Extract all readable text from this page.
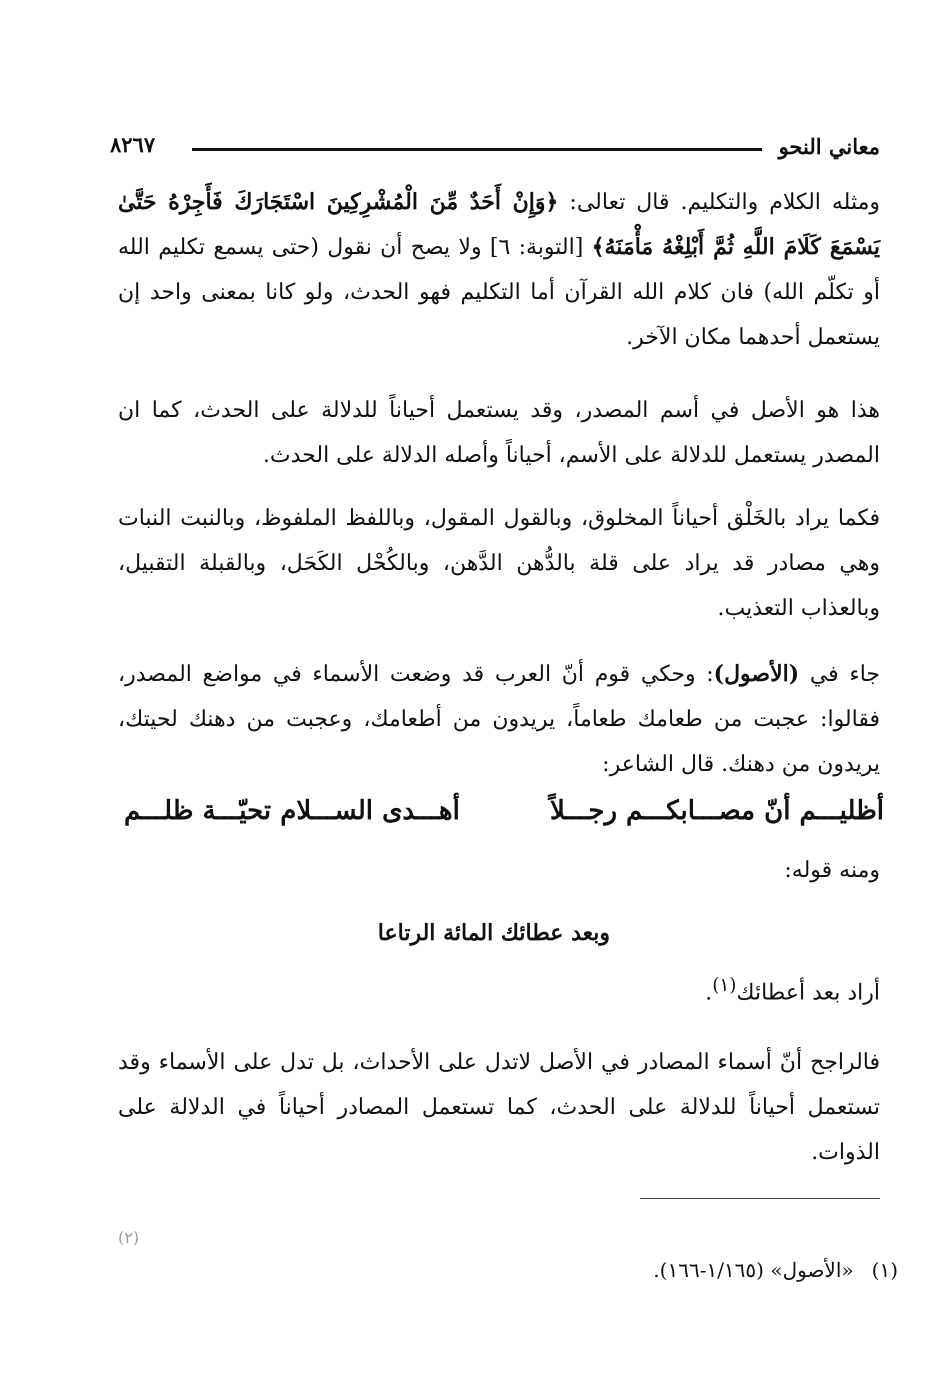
معاني النحو
٨٢٦٧
ومثله الكلام والتكليم. قال تعالى: ﴿وَإِنْ أَحَدٌ مِّنَ الْمُشْرِكِينَ اسْتَجَارَكَ فَأَجِرْهُ حَتَّىٰ يَسْمَعَ كَلَامَ اللَّهِ ثُمَّ أَبْلِغْهُ مَأْمَنَهُ﴾ [التوبة: ٦] ولا يصح أن نقول (حتى يسمع تكليم الله أو تكلّم الله) فان كلام الله القرآن أما التكليم فهو الحدث، ولو كانا بمعنى واحد إن يستعمل أحدهما مكان الآخر.
هذا هو الأصل في أسم المصدر، وقد يستعمل أحياناً للدلالة على الحدث، كما ان المصدر يستعمل للدلالة على الأسم، أحياناً وأصله الدلالة على الحدث.
فكما يراد بالخَلْق أحياناً المخلوق، وبالقول المقول، وباللفظ الملفوظ، وبالنبت النبات وهي مصادر قد يراد على قلة بالدُّهن الدَّهن، وبالكُحْل الكَحَل، وبالقبلة التقبيل، وبالعذاب التعذيب.
جاء في (الأصول): وحكي قوم أنّ العرب قد وضعت الأسماء في مواضع المصدر، فقالوا: عجبت من طعامك طعاماً، يريدون من أطعامك، وعجبت من دهنك لحيتك، يريدون من دهنك. قال الشاعر:
أظليـــم أنّ مصـــابكـــم رجـــلاً
أهـــدى الســـلام تحيّـــة ظلـــم
ومنه قوله:
وبعد عطائك المائة الرتاعا
أراد بعد أعطائك$^{(١)}$.
فالراجح أنّ أسماء المصادر في الأصل لاتدل على الأحداث، بل تدل على الأسماء وقد تستعمل أحياناً للدلالة على الحدث، كما تستعمل المصادر أحياناً في الدلالة على الذوات.
(١)«الأصول» (١/١٦٥-١٦٦).
(٢)
